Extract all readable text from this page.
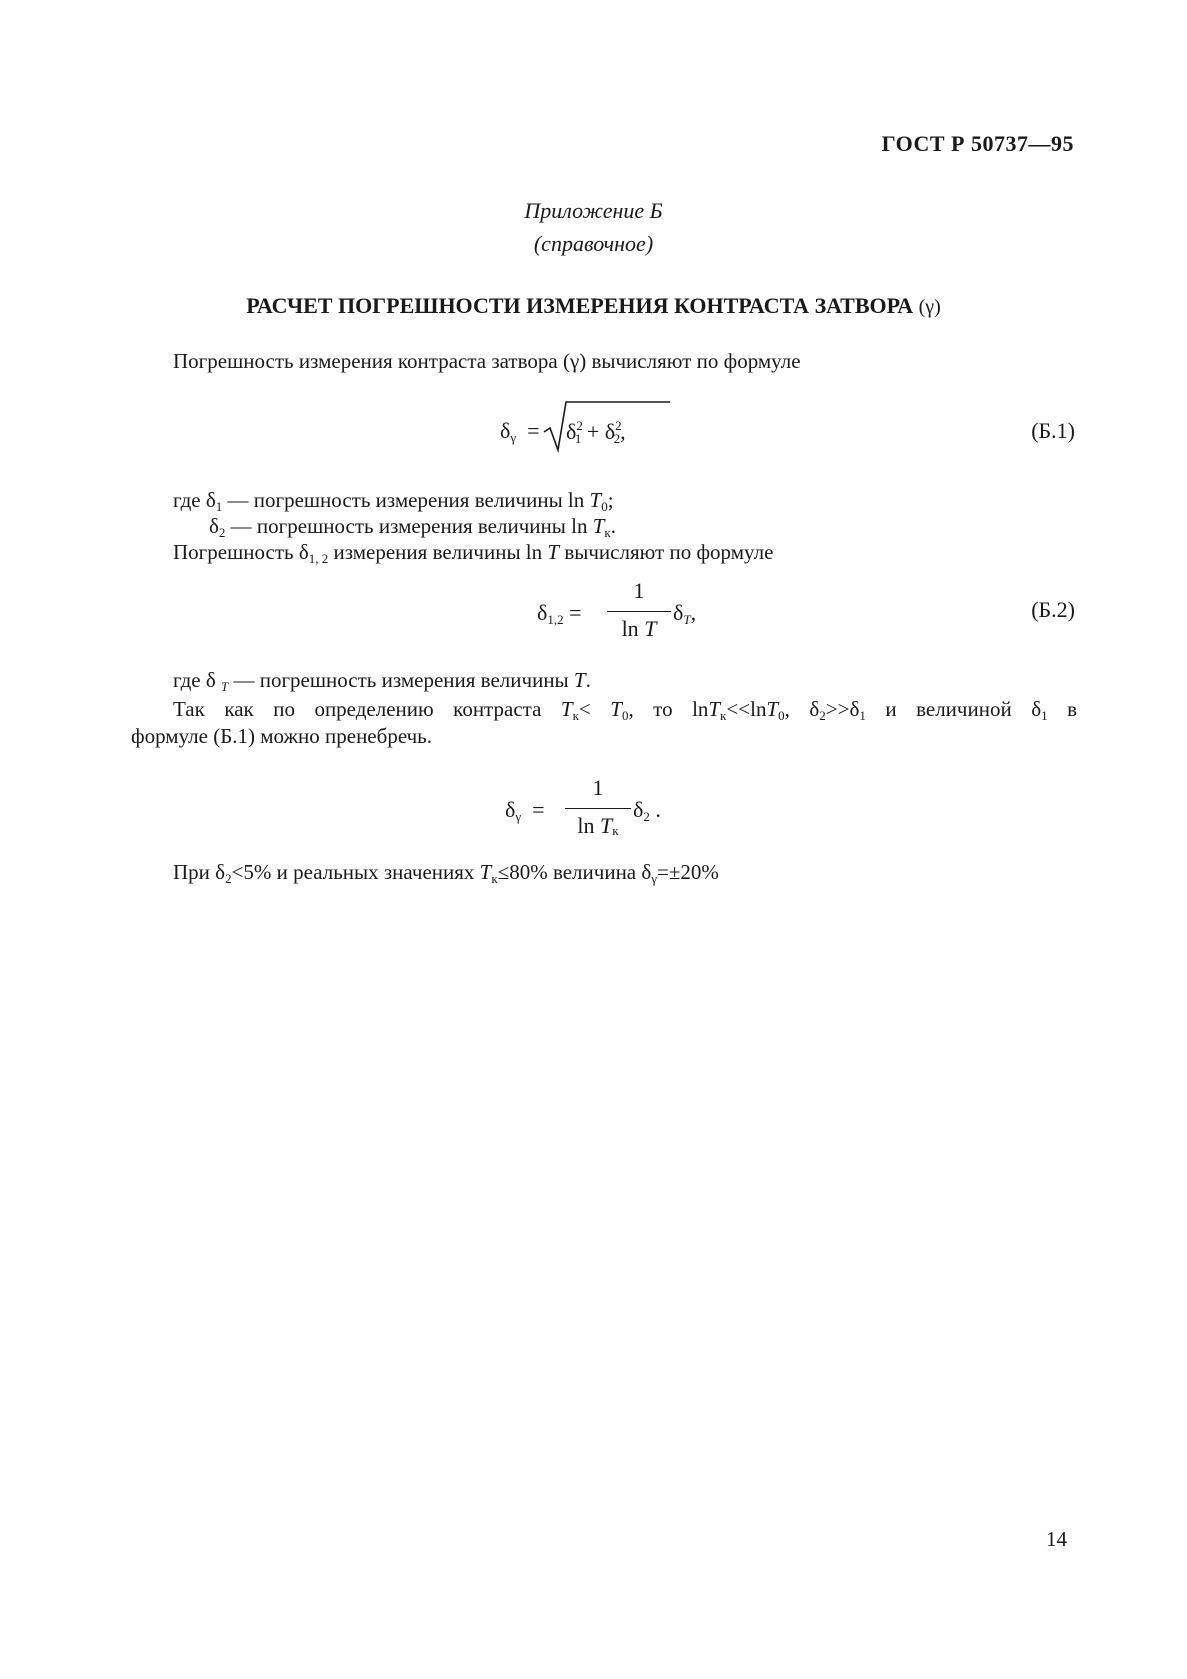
ГОСТ Р 50737—95
Приложение Б
(справочное)
РАСЧЕТ ПОГРЕШНОСТИ ИЗМЕРЕНИЯ КОНТРАСТА ЗАТВОРА (γ)
Погрешность измерения контраста затвора (γ) вычисляют по формуле
$\delta_\gamma = \delta^2_1 + \delta^2_2$,	(Б.1)
где $\delta_1$ — погрешность измерения величины $\ln T_0$;
$\delta_2$ — погрешность измерения величины $\ln T_к$.
Погрешность $\delta_{1, 2}$ измерения величины ln T вычисляют по формуле
$\delta_{1,2}$ =
1
ln T
$\delta_T$,	(Б.2)
где δ $_T$ — погрешность измерения величины T.
Так как по определению контраста $T_к< T_0$, то lnT$_к$<<lnT$_0$, $\delta_2>>\delta_1$ и величиной $\delta_1$ в
формуле (Б.1) можно пренебречь.
$\delta_\gamma$  =
1
$\ln T_к$
$\delta_2$ .
При $\delta_2<5\%$ и реальных значениях $T_к\le 80\%$ величина $\delta_\gamma=\pm 20\%$
14
